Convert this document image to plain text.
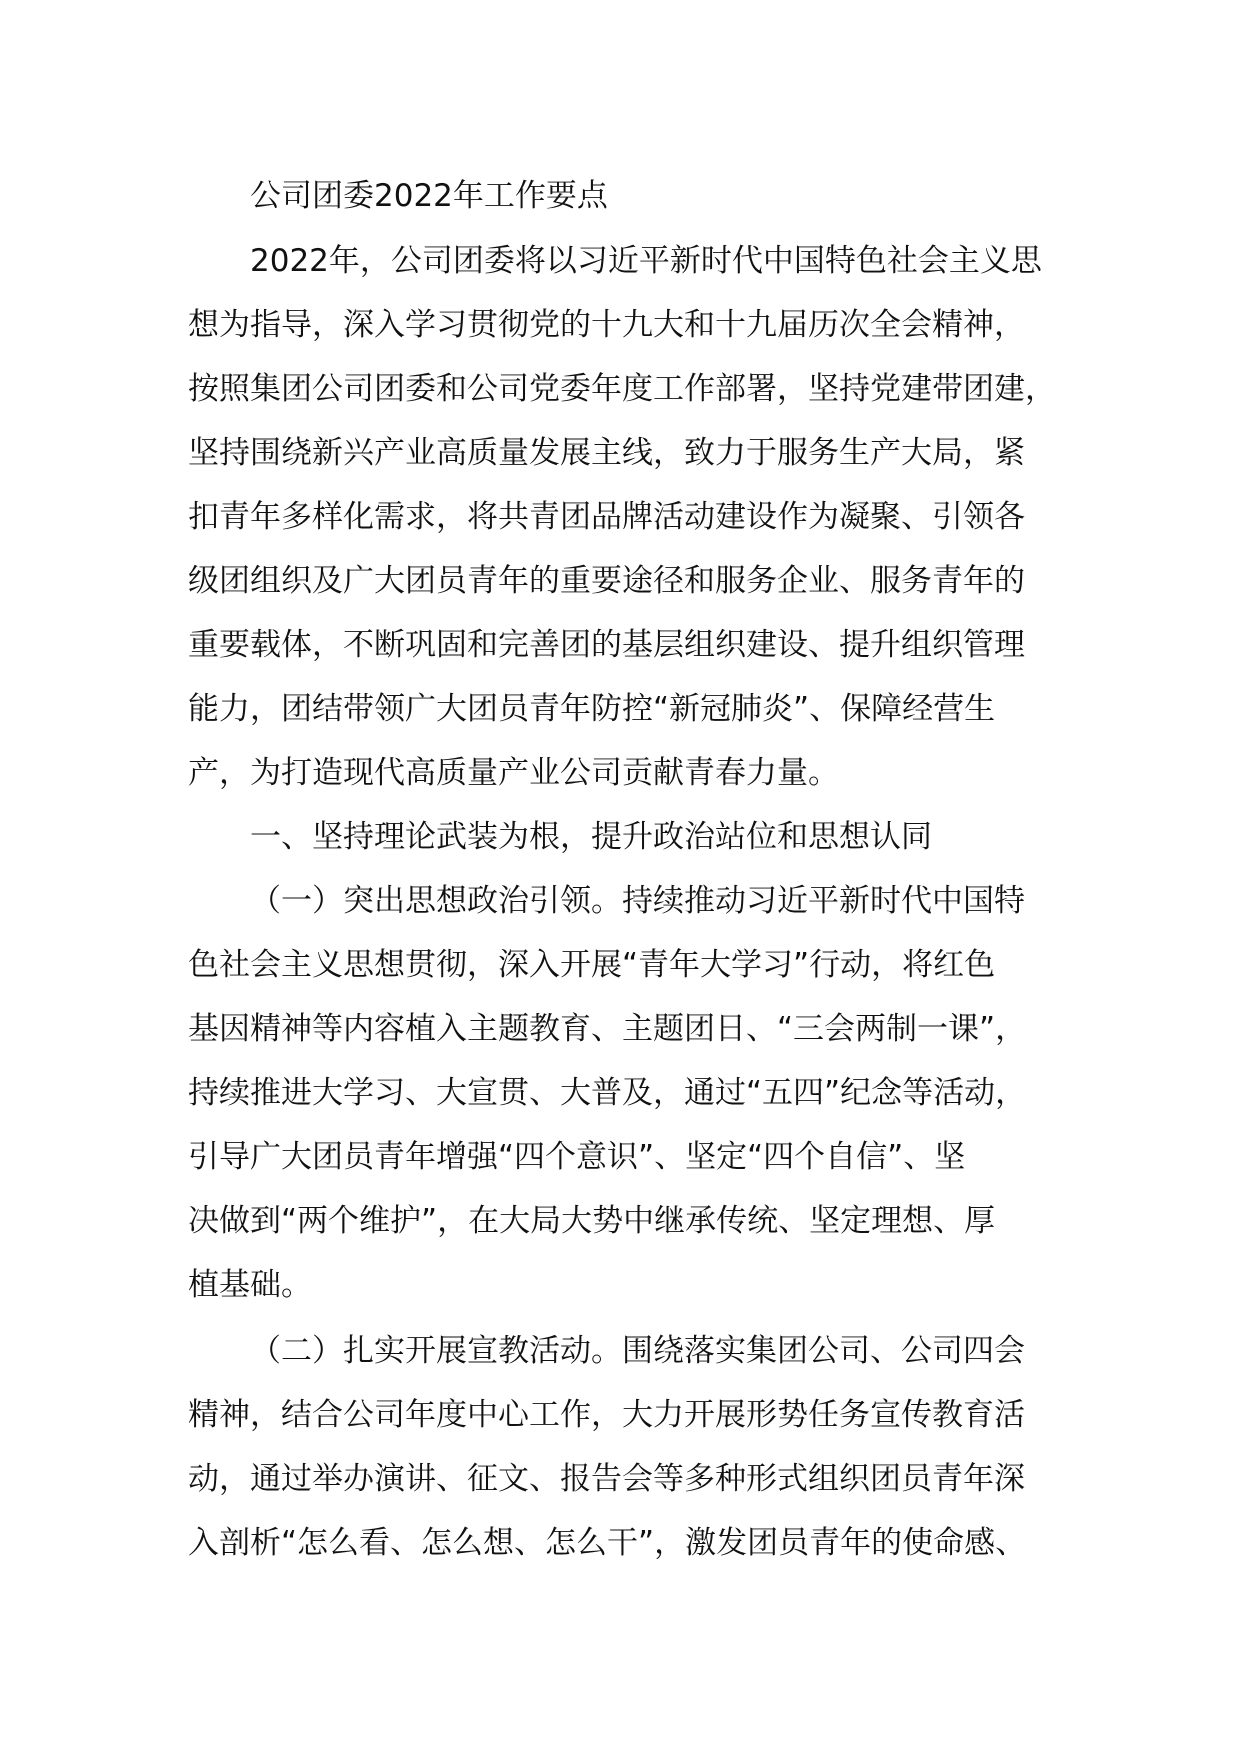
公司团委2022年工作要点
2022年，公司团委将以习近平新时代中国特色社会主义思
想为指导，深入学习贯彻党的十九大和十九届历次全会精神，
按照集团公司团委和公司党委年度工作部署，坚持党建带团建，
坚持围绕新兴产业高质量发展主线，致力于服务生产大局，紧
扣青年多样化需求，将共青团品牌活动建设作为凝聚、引领各
级团组织及广大团员青年的重要途径和服务企业、服务青年的
重要载体，不断巩固和完善团的基层组织建设、提升组织管理
能力，团结带领广大团员青年防控“新冠肺炎”、保障经营生
产，为打造现代高质量产业公司贡献青春力量。
一、坚持理论武装为根，提升政治站位和思想认同
（一）突出思想政治引领。持续推动习近平新时代中国特
色社会主义思想贯彻，深入开展“青年大学习”行动，将红色
基因精神等内容植入主题教育、主题团日、“三会两制一课”，
持续推进大学习、大宣贯、大普及，通过“五四”纪念等活动，
引导广大团员青年增强“四个意识”、坚定“四个自信”、坚
决做到“两个维护”，在大局大势中继承传统、坚定理想、厚
植基础。
（二）扎实开展宣教活动。围绕落实集团公司、公司四会
精神，结合公司年度中心工作，大力开展形势任务宣传教育活
动，通过举办演讲、征文、报告会等多种形式组织团员青年深
入剖析“怎么看、怎么想、怎么干”，激发团员青年的使命感、
